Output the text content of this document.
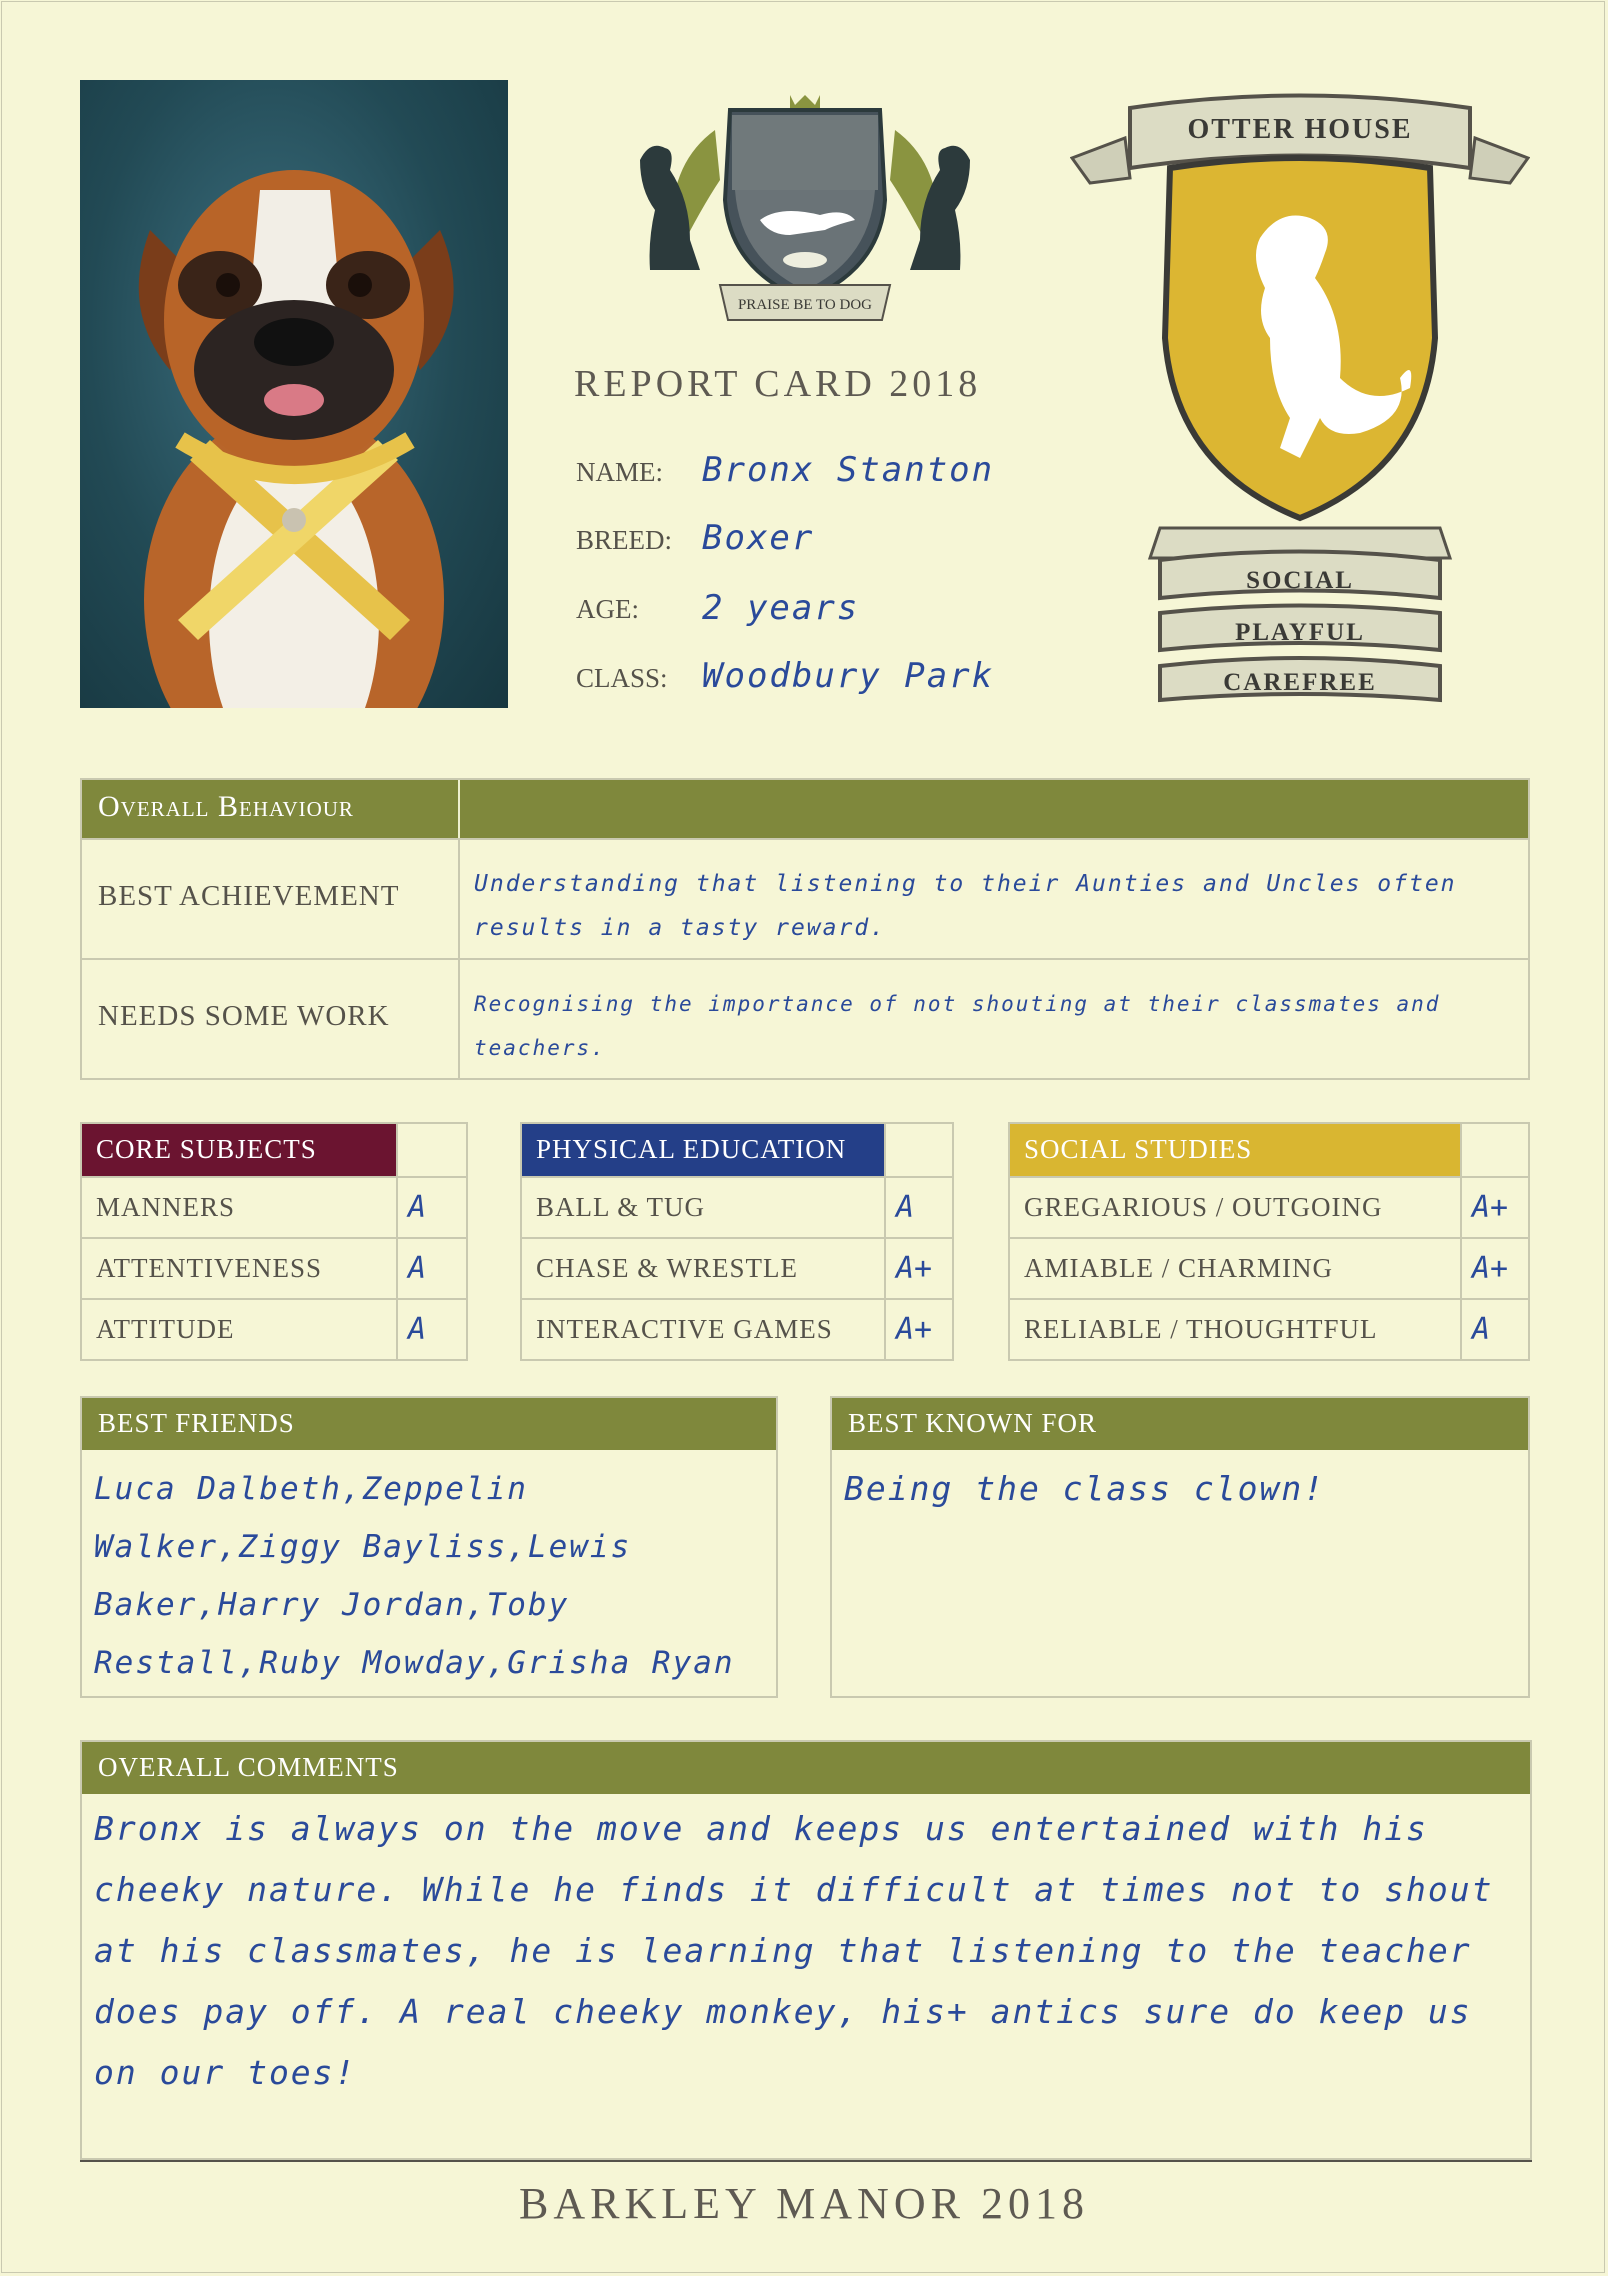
PRAISE BE TO DOG
REPORT CARD 2018
NAME: Bronx Stanton
BREED: Boxer
AGE: 2 years
CLASS: Woodbury Park
OTTER HOUSE
SOCIAL
PLAYFUL
CAREFREE
Overall Behaviour
BEST ACHIEVEMENT	Understanding that listening to their Aunties and Uncles often results in a tasty reward.
NEEDS SOME WORK	Recognising the importance of not shouting at their classmates and teachers.
CORE SUBJECTS
MANNERS	A
ATTENTIVENESS	A
ATTITUDE	A
PHYSICAL EDUCATION
BALL & TUG	A
CHASE & WRESTLE	A+
INTERACTIVE GAMES	A+
SOCIAL STUDIES
GREGARIOUS / OUTGOING	A+
AMIABLE / CHARMING	A+
RELIABLE / THOUGHTFUL	A
BEST FRIENDS
Luca Dalbeth,Zeppelin Walker,Ziggy Bayliss,Lewis Baker,Harry Jordan,Toby Restall,Ruby Mowday,Grisha Ryan
BEST KNOWN FOR
Being the class clown!
OVERALL COMMENTS
Bronx is always on the move and keeps us entertained with his cheeky nature. While he finds it difficult at times not to shout at his classmates, he is learning that listening to the teacher does pay off. A real cheeky monkey, his+ antics sure do keep us on our toes!
BARKLEY MANOR 2018
